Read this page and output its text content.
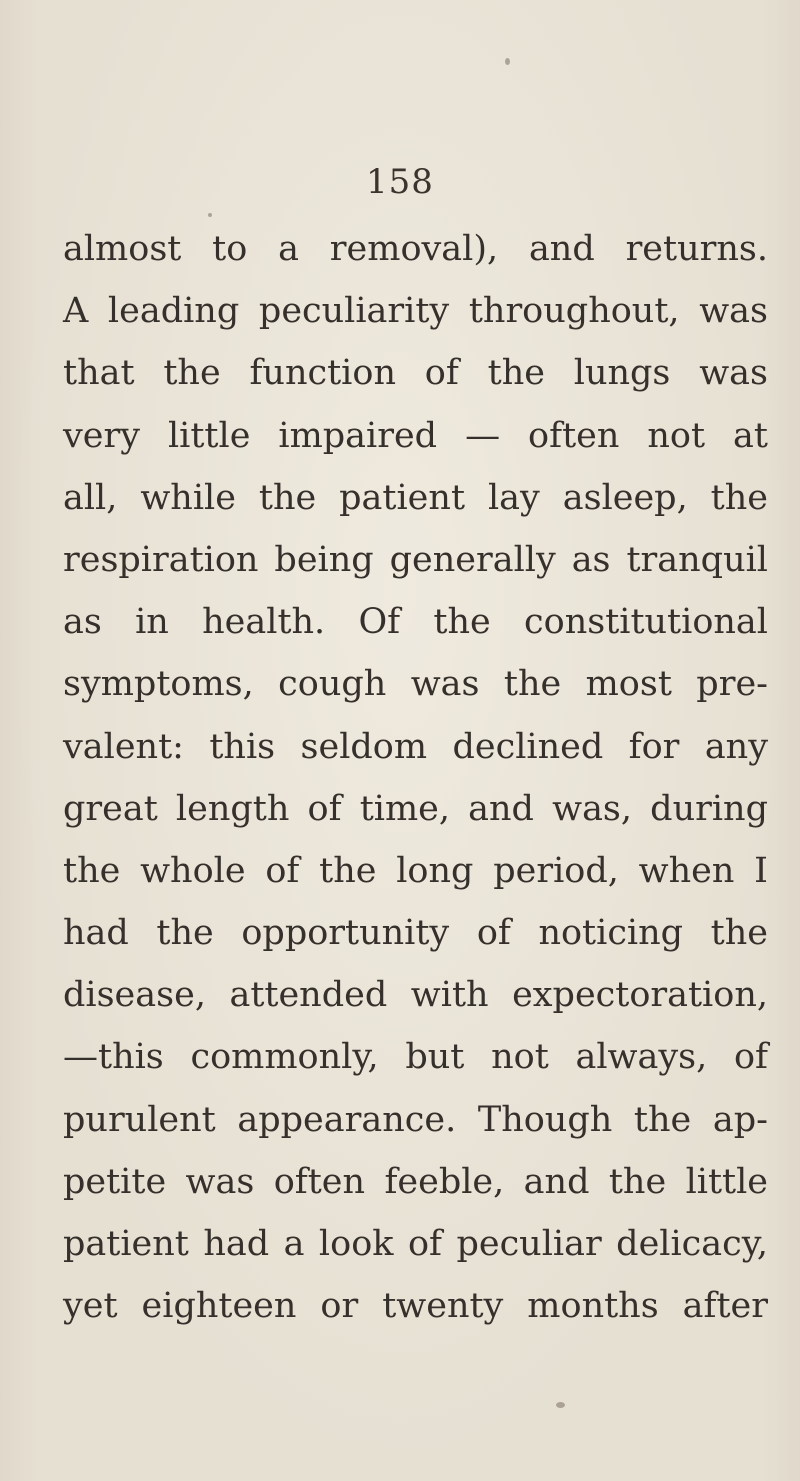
158
almost to a removal), and returns.
A leading peculiarity throughout, was
that the function of the lungs was
very little impaired — often not at
all, while the patient lay asleep, the
respiration being generally as tranquil
as in health. Of the constitutional
symptoms, cough was the most pre-
valent: this seldom declined for any
great length of time, and was, during
the whole of the long period, when I
had the opportunity of noticing the
disease, attended with expectoration,
—this commonly, but not always, of
purulent appearance. Though the ap-
petite was often feeble, and the little
patient had a look of peculiar delicacy,
yet eighteen or twenty months after
